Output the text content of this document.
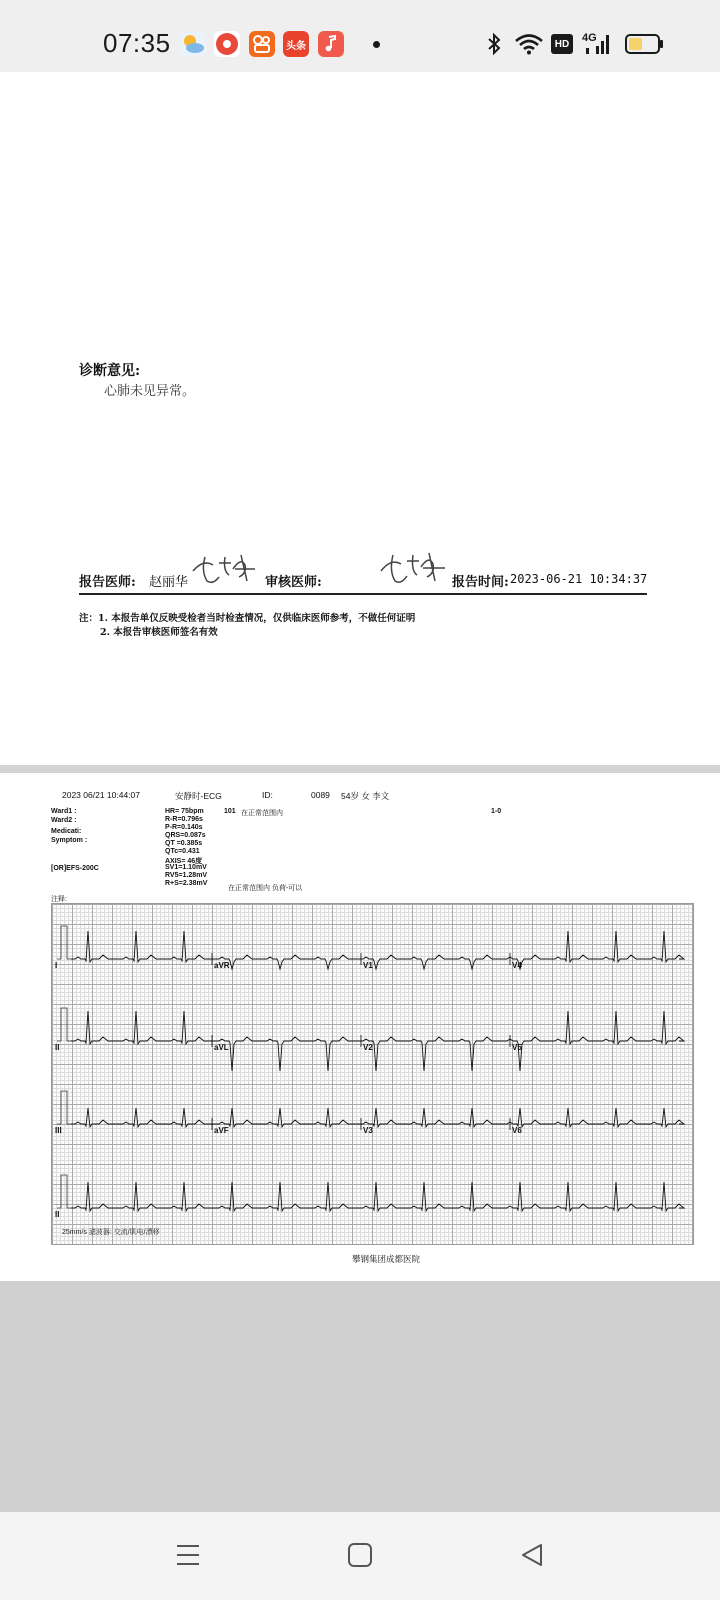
07:35	头条	HD	4G
诊断意见:
心肺未见异常。
报告医师: 赵丽华	审核医师:	报告时间: 2023-06-21 10:34:37
注：1. 本报告单仅反映受检者当时检查情况，仅供临床医师参考，不做任何证明
2. 本报告审核医师签名有效
2023 06/21 10:44:07	安静时-ECG	ID:	0089 54岁 女 李文
Ward1 :
Ward2 :
Medicati:
Symptom :
[OR]EFS-200C
注释:
HR= 75bpm
R-R=0.796s
P-R=0.140s
QRS=0.087s
QT =0.385s
QTc=0.431
AXIS= 46度
SV1=1.10mV
RV5=1.28mV
R+S=2.38mV
101 在正常范围内	1-0
在正常范围内 负荷-可以
I	aVR	V1	V4
II	aVL	V2	V5
III	aVF	V3	V6
II
25mm/s 滤波器: 交流/肌电/漂移
攀钢集团成都医院
